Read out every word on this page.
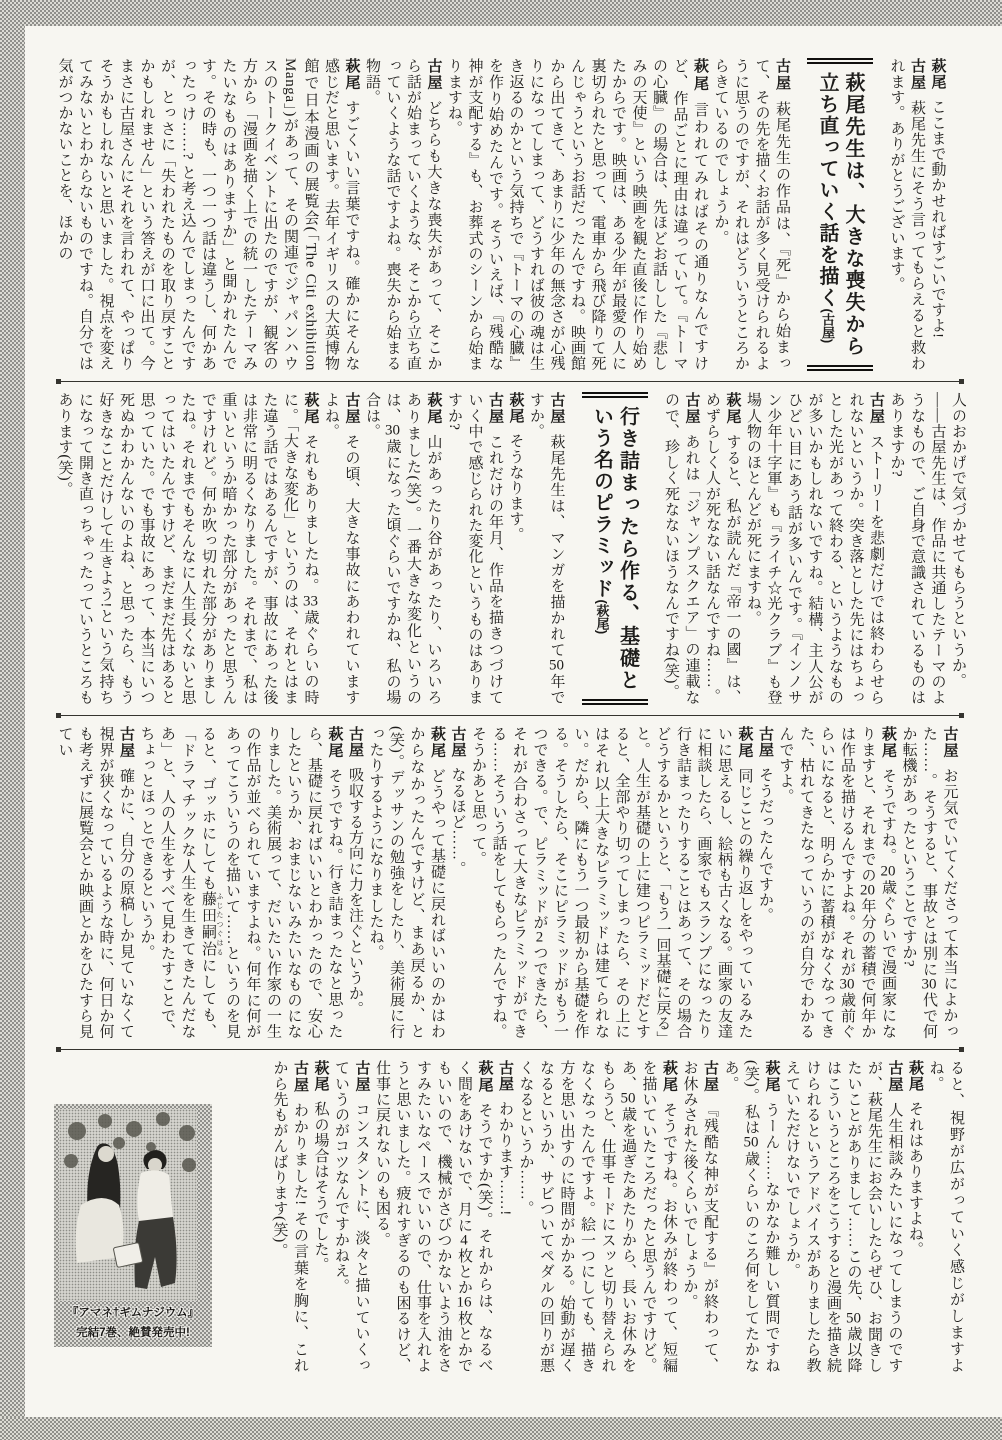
萩尾ここまで動かせればすごいですよ!

古屋萩尾先生にそう言ってもらえると救われます。ありがとうございます。

萩尾先生は、大きな喪失から立ち直っていく話を描く(古屋)

古屋萩尾先生の作品は、『死』から始まって、その先を描くお話が多く見受けられるように思うのですが、それはどういうところからきているのでしょうか。

萩尾言われてみればその通りなんですけど、作品ごとに理由は違っていて。『トーマの心臓』の場合は、先ほどお話しした『悲しみの天使』という映画を観た直後に作り始めたからです。映画は、ある少年が最愛の人に裏切られたと思って、電車から飛び降りて死んじゃうというお話だったんですね。映画館から出てきて、あまりに少年の無念さが心残りになってしまって、どうすれば彼の魂は生き返るのかという気持ちで『トーマの心臓』を作り始めたんです。そういえば、『残酷な神が支配する』も、お葬式のシーンから始まりますね。

古屋どちらも大きな喪失があって、そこから話が始まっていくような、そこから立ち直っていくような話ですよね。喪失から始まる物語。

萩尾すごくいい言葉ですね。確かにそんな感じだと思います。去年イギリスの大英博物館で日本漫画の展覧会(「The Citi exhibition Manga」)があって、その関連でジャパンハウスのトークイベントに出たのですが、観客の方から「漫画を描く上での統一したテーマみたいなものはありますか」と聞かれたんです。その時も、一つ一つ話は違うし、何かあったっけ……? と考え込んでしまったんですが、とっさに「失われたものを取り戻すことかもしれません」という答えが口に出て。今まさに古屋さんにそれを言われて、やっぱりそうかもしれないと思いました。視点を変えてみないとわからないものですね。自分では気がつかないことを、ほかの

人のおかげで気づかせてもらうというか。

――古屋先生は、作品に共通したテーマのようなもので、ご自身で意識されているものはありますか?

古屋ストーリーを悲劇だけでは終わらせられないというか。突き落とした先にはちょっとした光があって終わる、というようなものが多いかもしれないですね。結構、主人公がひどい目にあう話が多いんです。『インノサン少年十字軍』も『ライチ☆光クラブ』も登場人物のほとんどが死にますね。

萩尾すると、私が読んだ『帝一の國』は、めずらしく人が死なない話なんですね……。

古屋あれは「ジャンプスクエア」の連載なので、珍しく死なないほうなんですね(笑)。

行き詰まったら作る、基礎という名のピラミッド(萩尾)

古屋萩尾先生は、マンガを描かれて50年ですか。

萩尾そうなります。

古屋これだけの年月、作品を描きつづけていく中で感じられた変化というものはありますか?

萩尾山があったり谷があったり、いろいろありました(笑)。一番大きな変化というのは、30歳になった頃ぐらいですかね、私の場合は。

古屋その頃、大きな事故にあわれていますよね。

萩尾それもありましたね。33歳ぐらいの時に。「大きな変化」というのは、それとはまた違う話ではあるんですが、事故にあった後は非常に明るくなりました。それまで、私は重いというか暗かった部分があったと思うんですけれど。何か吹っ切れた部分がありましたね。それまでもそんなに人生長くないと思ってはいたんですけど、まだまだ先はあると思っていた。でも事故にあって、本当にいつ死ぬかわかんないのよね、と思ったら、もう好きなことだけして生きよう!という気持ちになって開き直っちゃったっていうところもあります(笑)。

古屋お元気でいてくださって本当によかった……。そうすると、事故とは別に30代で何か転機があったということですか?

萩尾そうですね。20歳ぐらいで漫画家になりますと、それまでの20年分の蓄積で何年かは作品を描けるんですよね。それが30歳前ぐらいになると、明らかに蓄積がなくなってきた、枯れてきたなっていうのが自分でわかるんですよ。

古屋そうだったんですか。

萩尾同じことの繰り返しをやっているみたいに思えるし、絵柄も古くなる。画家の友達に相談したら、画家でもスランプになったり行き詰まったりすることはあって、その場合どうするかというと、「もう一回基礎に戻る」と。人生が基礎の上に建つピラミッドだとすると、全部やり切ってしまったら、その上にはそれ以上大きなピラミッドは建てられない。だから、隣にもう一つ最初から基礎を作る。そうしたら、そこにピラミッドがもう一つできる。で、ピラミッドが2つできたら、それが合わさって大きなピラミッドができる……そういう話をしてもらったんですね。そうかあと思って。

古屋なるほど……。

萩尾どうやって基礎に戻ればいいのかはわからなかったんですけど、まあ戻るか、と(笑)。デッサンの勉強をしたり、美術展に行ったりするようになりましたね。

古屋吸収する方向に力を注ぐというか。

萩尾そうですね。行き詰まったなと思ったら、基礎に戻ればいいとわかったので、安心したというか、おまじないみたいなものになりました。美術展って、だいたい作家の一生の作品が並べられていますよね。何年に何があってこういうのを描いて……というのを見ると、ゴッホにしても藤田嗣治 ふじたつぐはるにしても、「ドラマチックな人生を生きてきたんだなあ」と、人の人生をすべて見わたすことで、ちょっとほっとできるというか。

古屋確かに、自分の原稿しか見ていなくて視界が狭くなっているような時に、何日か何も考えずに展覧会とか映画とかをひたすら見てい

『アマネ†ギムナジウム』
完結7巻、絶賛発売中!	ると、視野が広がっていく感じがしますよね。

萩尾それはありますよね。

古屋人生相談みたいになってしまうのですが、萩尾先生にお会いしたらぜひ、お聞きしたいことがありまして……この先、50歳以降はこういうところをこうすると漫画を描き続けられるというアドバイスがありましたら教えていただけないでしょうか。

萩尾うーん……なかなか難しい質問ですね(笑)。私は50歳くらいのころ何をしてたかなあ。

古屋『残酷な神が支配する』が終わって、お休みされた後くらいでしょうか。

萩尾そうですね。お休みが終わって、短編を描いていたころだったと思うんですけど。あ、50歳を過ぎたあたりから、長いお休みをもらうと、仕事モードにスッと切り替えられなくなったんですよ。絵一つにしても、描き方を思い出すのに時間がかかる。始動が遅くなるというか、サビついてペダルの回りが悪くなるというか……。

古屋わかります……!

萩尾そうですか(笑)。それからは、なるべく間をあけないで、月に4枚とか16枚とかでもいいので、機械がさびつかないよう油をさすみたいなペースでいいので、仕事を入れようと思いました。疲れすぎるのも困るけど、仕事に戻れないのも困る。

古屋コンスタントに、淡々と描いていくっていうのがコツなんですかねえ。

萩尾私の場合はそうでした。

古屋わかりました! その言葉を胸に、これから先もがんばります(笑)。
